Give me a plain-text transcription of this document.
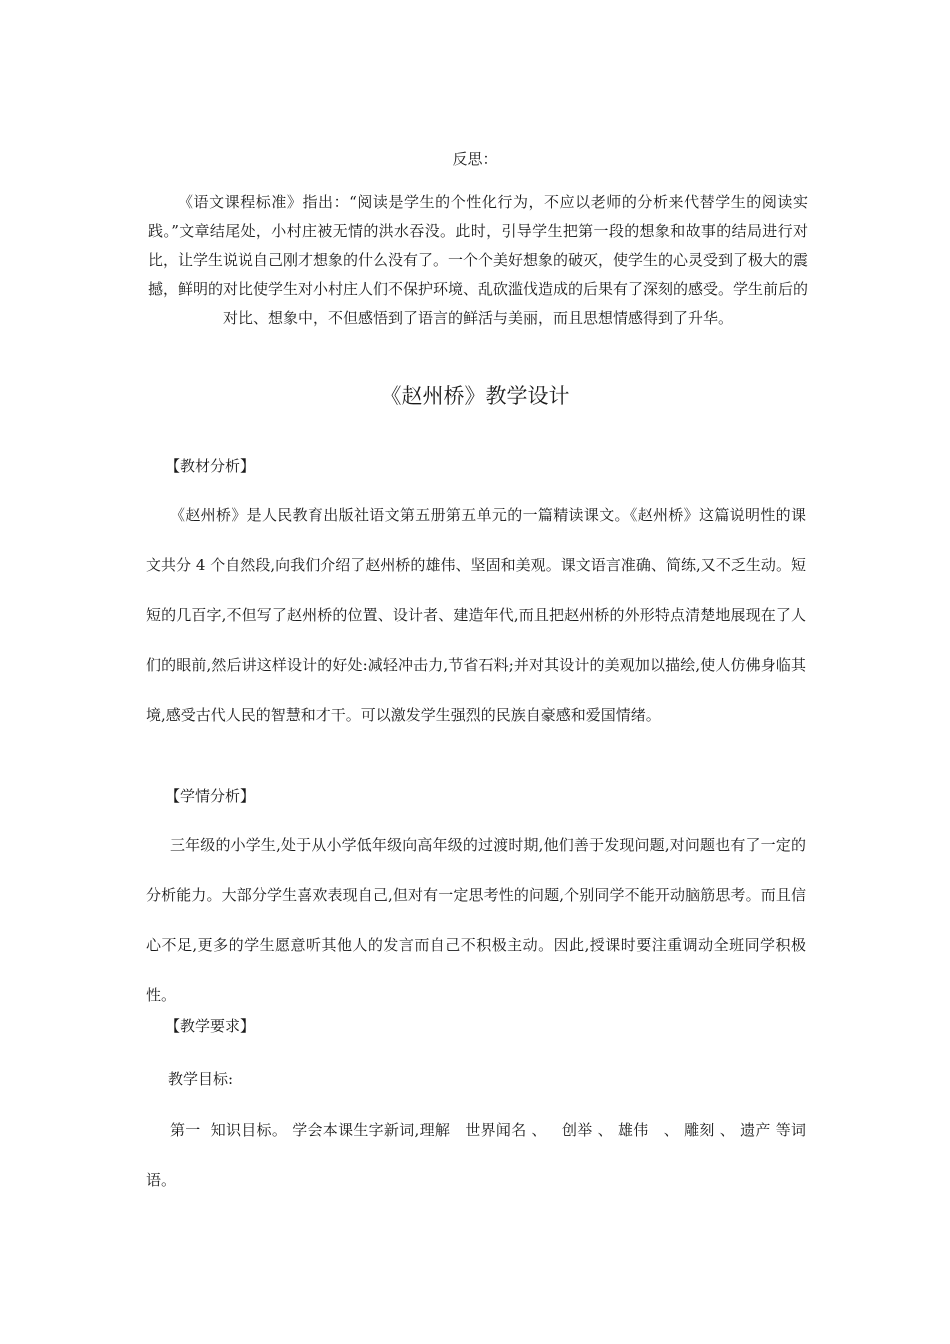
反思：
《语文课程标准》指出：“阅读是学生的个性化行为，不应以老师的分析来代替学生的阅读实践。”文章结尾处，小村庄被无情的洪水吞没。此时，引导学生把第一段的想象和故事的结局进行对比，让学生说说自己刚才想象的什么没有了。一个个美好想象的破灭，使学生的心灵受到了极大的震撼，鲜明的对比使学生对小村庄人们不保护环境、乱砍滥伐造成的后果有了深刻的感受。学生前后的对比、想象中，不但感悟到了语言的鲜活与美丽，而且思想情感得到了升华。
《赵州桥》教学设计
【教材分析】
《赵州桥》是人民教育出版社语文第五册第五单元的一篇精读课文。《赵州桥》这篇说明性的课文共分 4 个自然段,向我们介绍了赵州桥的雄伟、坚固和美观。课文语言准确、简练,又不乏生动。短短的几百字,不但写了赵州桥的位置、设计者、建造年代,而且把赵州桥的外形特点清楚地展现在了人们的眼前,然后讲这样设计的好处:减轻冲击力,节省石料;并对其设计的美观加以描绘,使人仿佛身临其境,感受古代人民的智慧和才干。可以激发学生强烈的民族自豪感和爱国情绪。
【学情分析】
三年级的小学生,处于从小学低年级向高年级的过渡时期,他们善于发现问题,对问题也有了一定的分析能力。大部分学生喜欢表现自己,但对有一定思考性的问题,个别同学不能开动脑筋思考。而且信心不足,更多的学生愿意听其他人的发言而自己不积极主动。因此,授课时要注重调动全班同学积极性。
【教学要求】
教学目标:
第一  知识目标。 学会本课生字新词,理解   世界闻名 、   创举 、 雄伟   、 雕刻 、 遗产 等词语。
